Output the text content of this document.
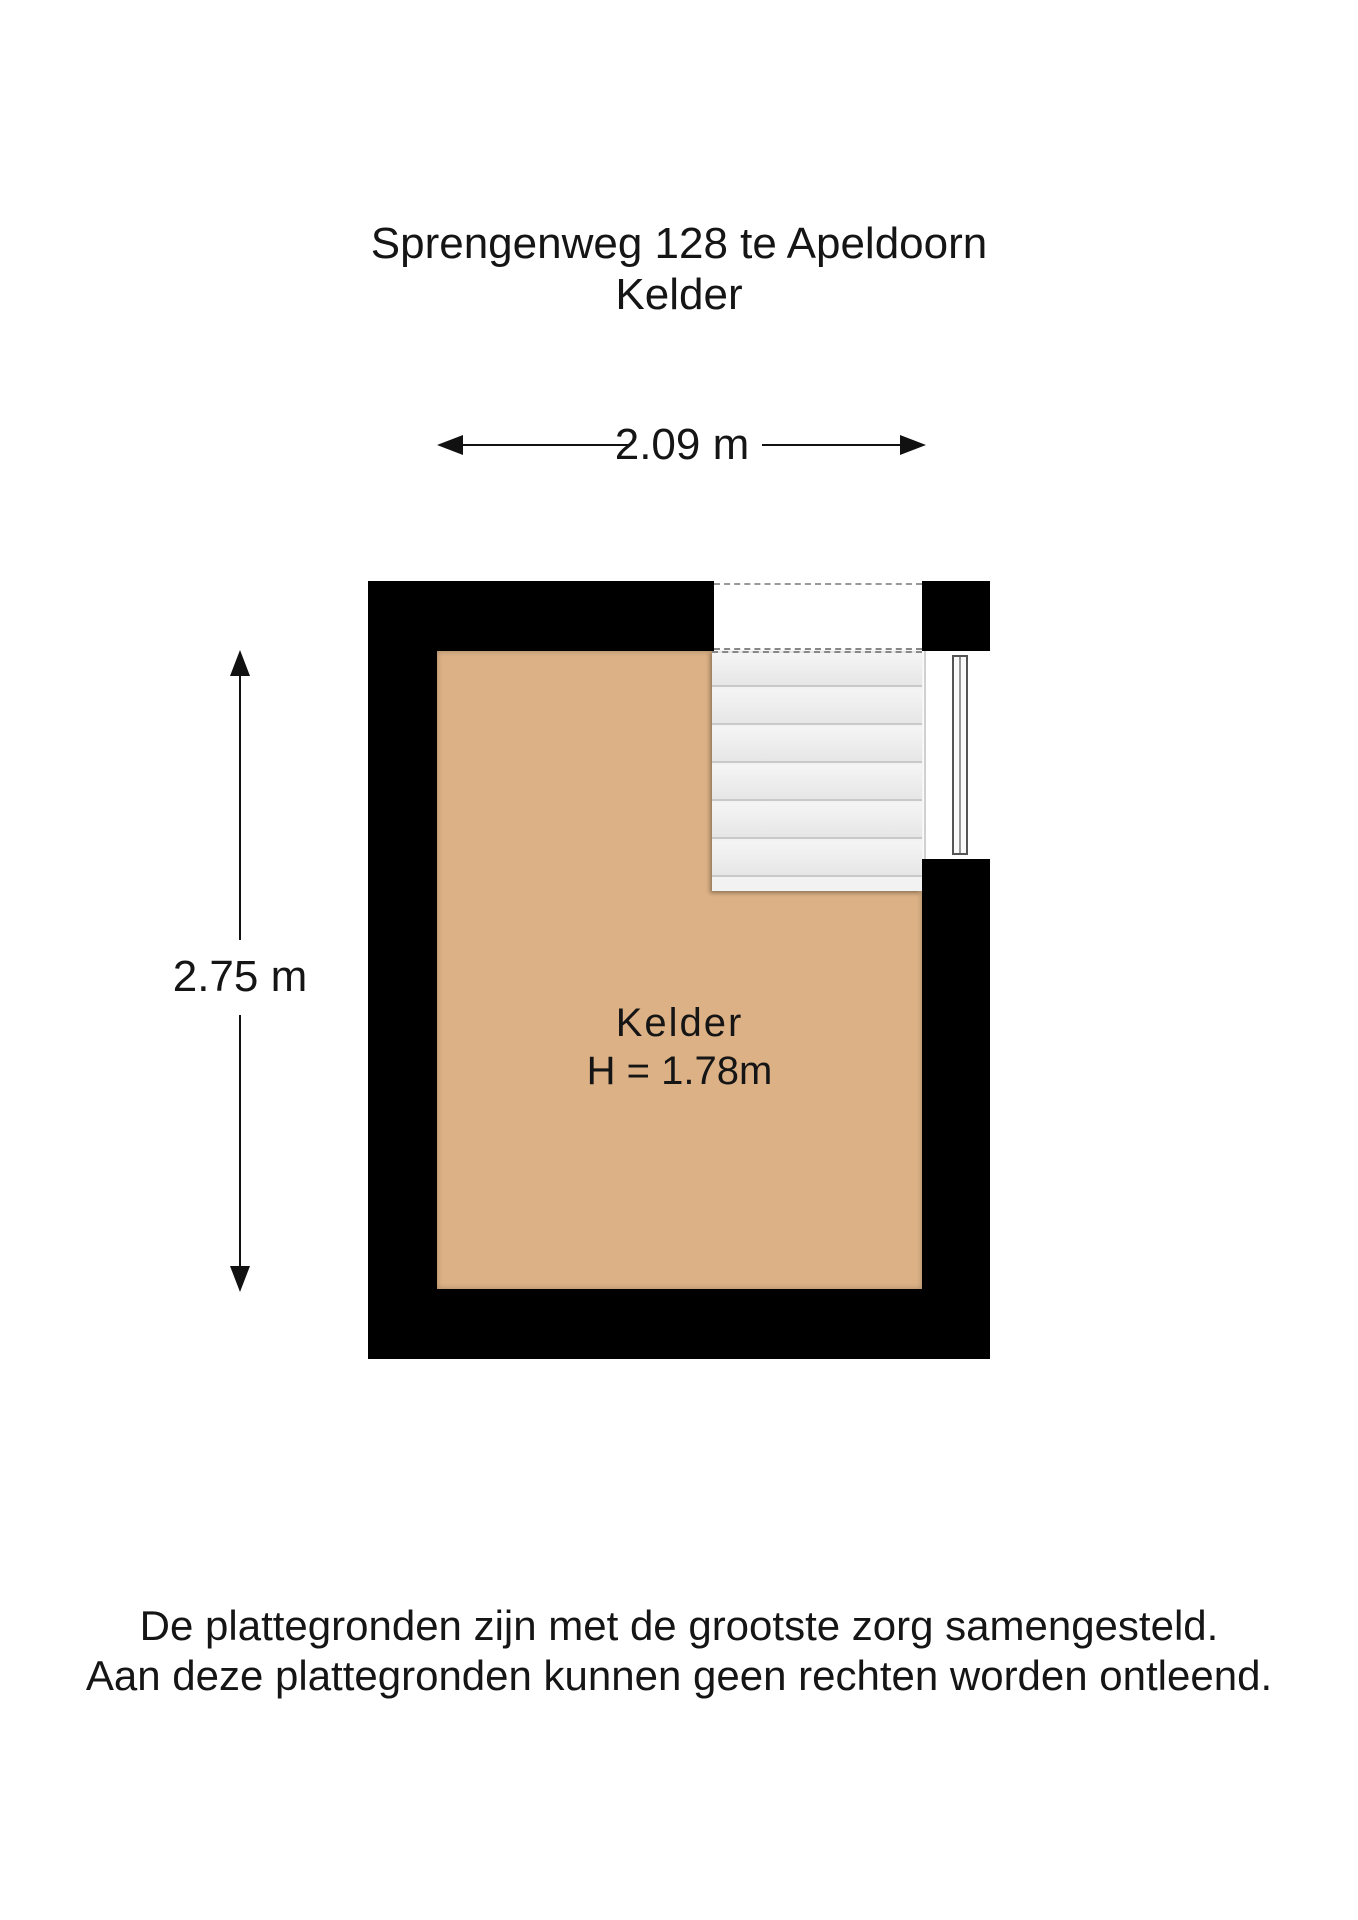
Sprengenweg 128 te Apeldoorn
Kelder
2.09 m
2.75 m
Kelder
H = 1.78m
De plattegronden zijn met de grootste zorg samengesteld.
Aan deze plattegronden kunnen geen rechten worden ontleend.
